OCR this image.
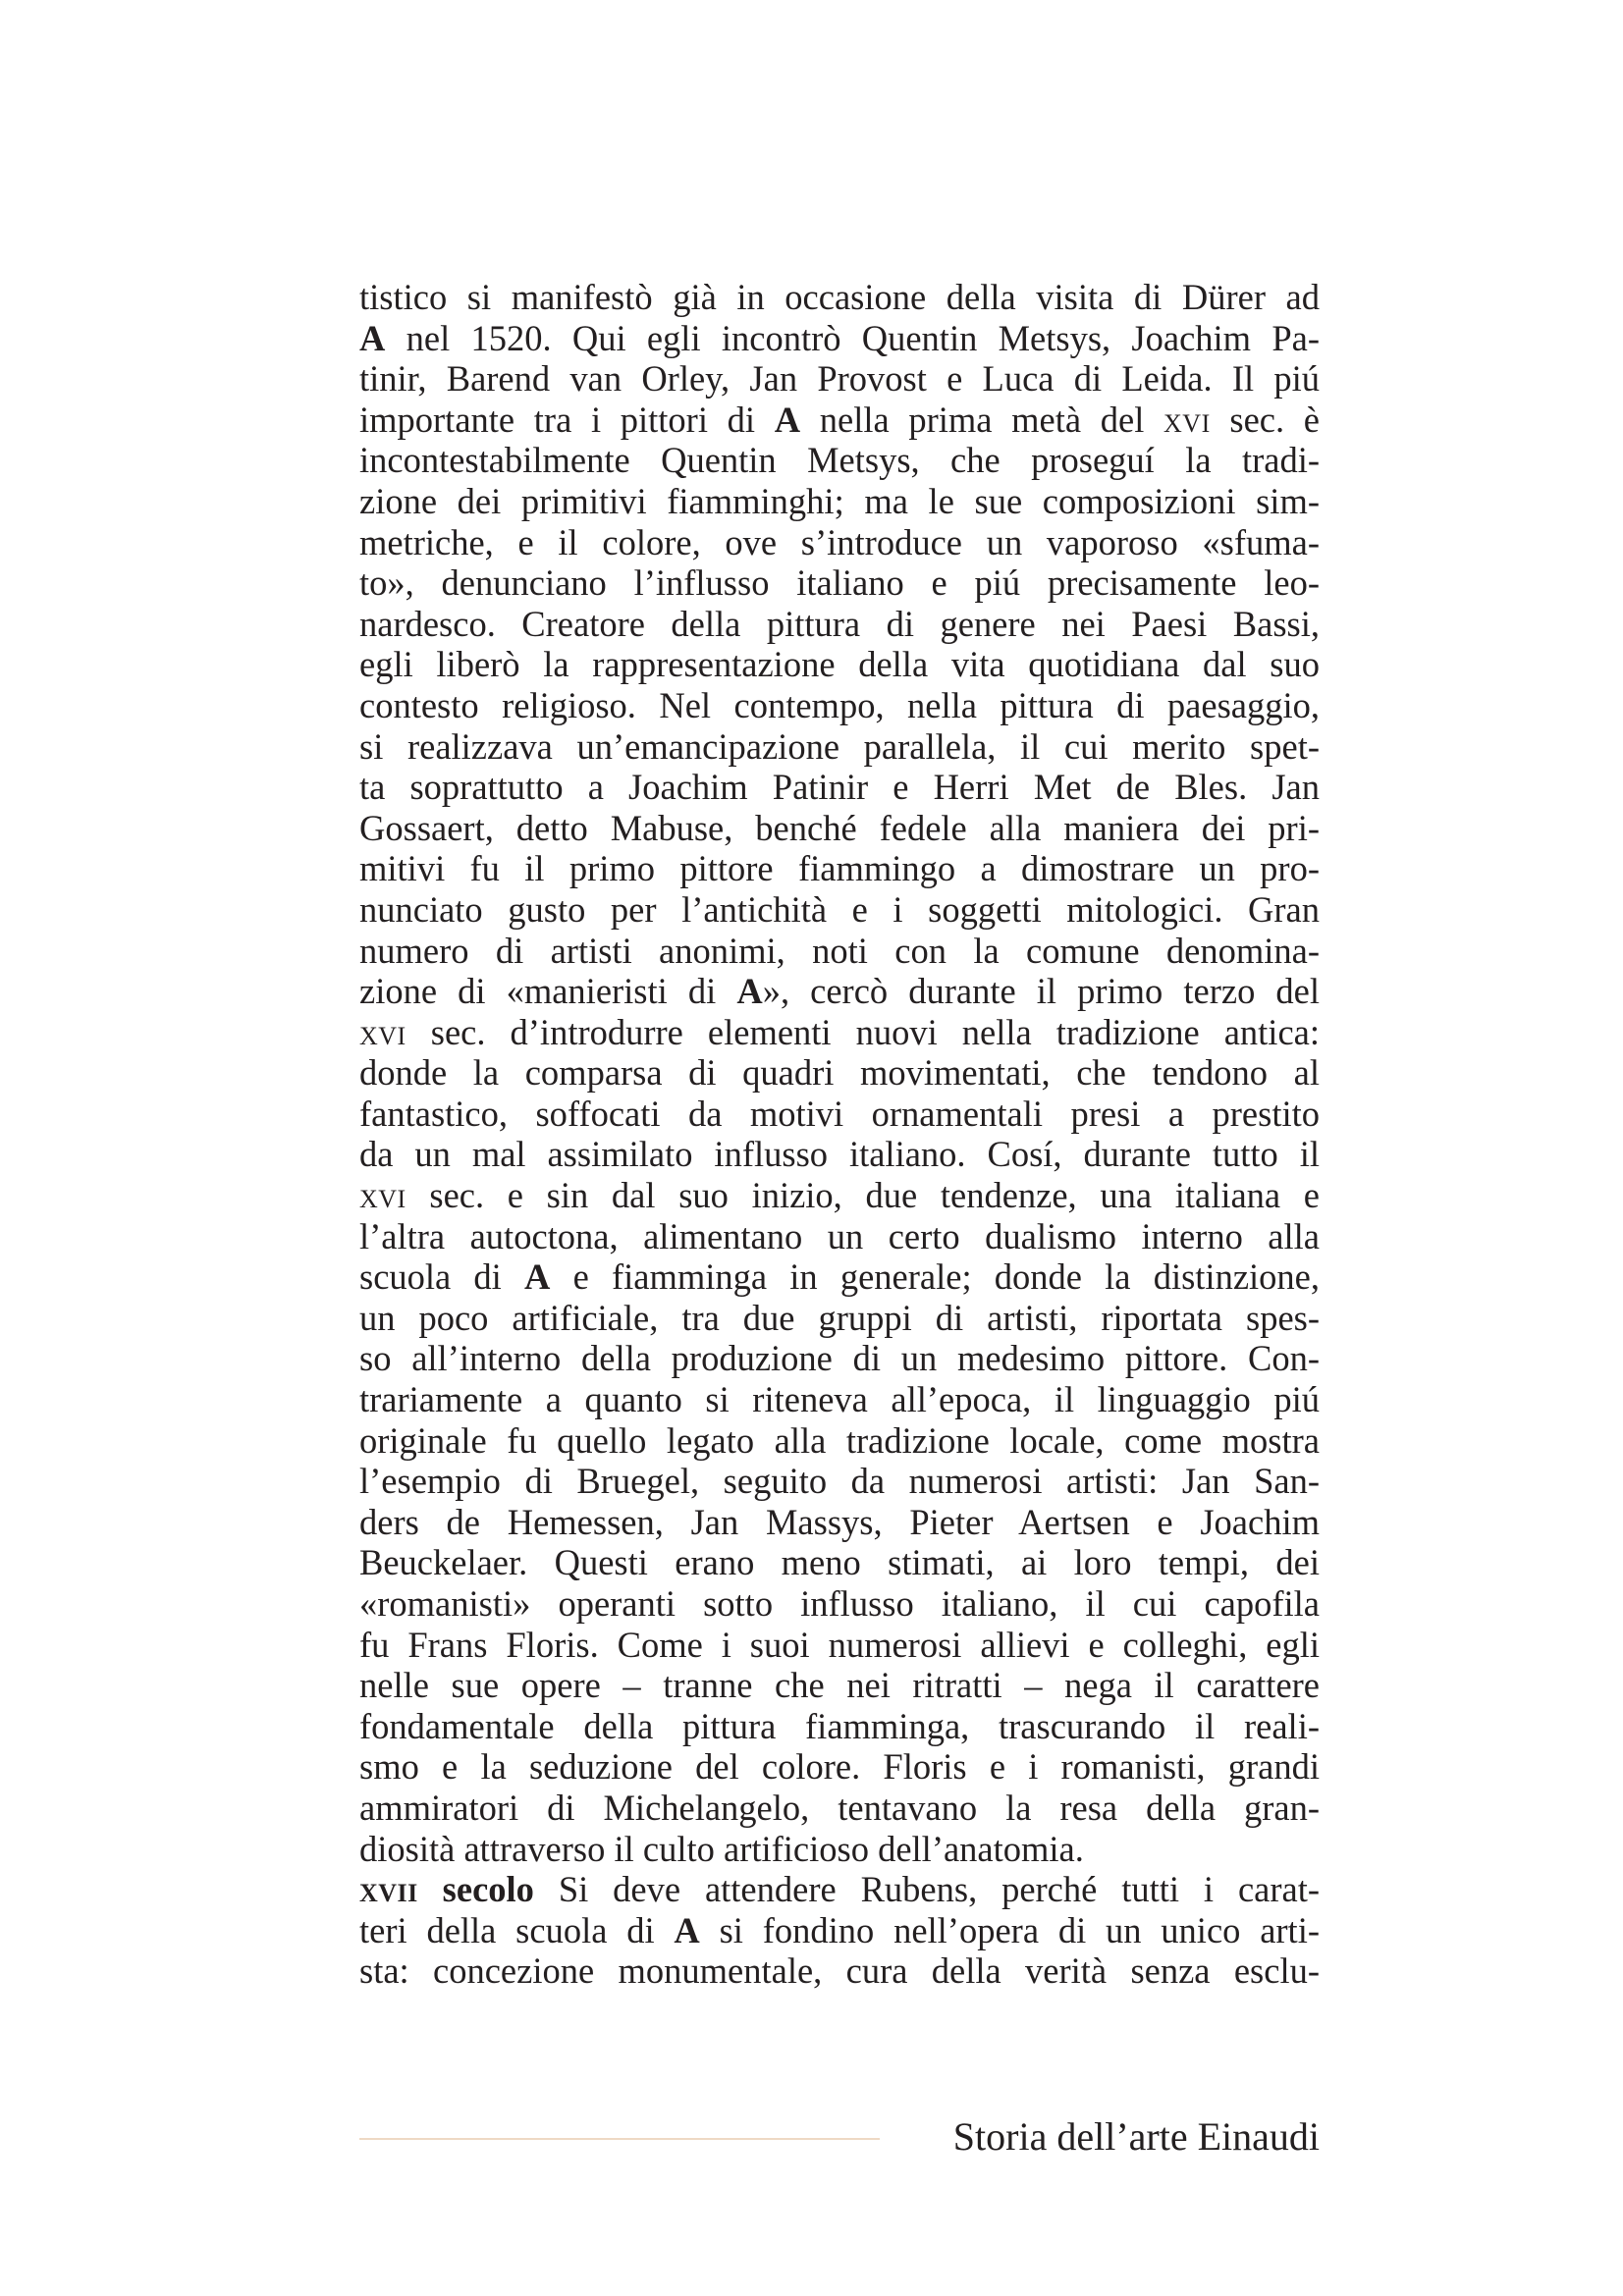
tistico si manifestò già in occasione della visita di Dürer ad
A nel 1520. Qui egli incontrò Quentin Metsys, Joachim Pa-
tinir, Barend van Orley, Jan Provost e Luca di Leida. Il piú
importante tra i pittori di A nella prima metà del xvi sec. è
incontestabilmente Quentin Metsys, che proseguí la tradi-
zione dei primitivi fiamminghi; ma le sue composizioni sim-
metriche, e il colore, ove s’introduce un vaporoso «sfuma-
to», denunciano l’influsso italiano e piú precisamente leo-
nardesco. Creatore della pittura di genere nei Paesi Bassi,
egli liberò la rappresentazione della vita quotidiana dal suo
contesto religioso. Nel contempo, nella pittura di paesaggio,
si realizzava un’emancipazione parallela, il cui merito spet-
ta soprattutto a Joachim Patinir e Herri Met de Bles. Jan
Gossaert, detto Mabuse, benché fedele alla maniera dei pri-
mitivi fu il primo pittore fiammingo a dimostrare un pro-
nunciato gusto per l’antichità e i soggetti mitologici. Gran
numero di artisti anonimi, noti con la comune denomina-
zione di «manieristi di A», cercò durante il primo terzo del
xvi sec. d’introdurre elementi nuovi nella tradizione antica:
donde la comparsa di quadri movimentati, che tendono al
fantastico, soffocati da motivi ornamentali presi a prestito
da un mal assimilato influsso italiano. Cosí, durante tutto il
xvi sec. e sin dal suo inizio, due tendenze, una italiana e
l’altra autoctona, alimentano un certo dualismo interno alla
scuola di A e fiamminga in generale; donde la distinzione,
un poco artificiale, tra due gruppi di artisti, riportata spes-
so all’interno della produzione di un medesimo pittore. Con-
trariamente a quanto si riteneva all’epoca, il linguaggio piú
originale fu quello legato alla tradizione locale, come mostra
l’esempio di Bruegel, seguito da numerosi artisti: Jan San-
ders de Hemessen, Jan Massys, Pieter Aertsen e Joachim
Beuckelaer. Questi erano meno stimati, ai loro tempi, dei
«romanisti» operanti sotto influsso italiano, il cui capofila
fu Frans Floris. Come i suoi numerosi allievi e colleghi, egli
nelle sue opere – tranne che nei ritratti – nega il carattere
fondamentale della pittura fiamminga, trascurando il reali-
smo e la seduzione del colore. Floris e i romanisti, grandi
ammiratori di Michelangelo, tentavano la resa della gran-
diosità attraverso il culto artificioso dell’anatomia.
xvii secolo Si deve attendere Rubens, perché tutti i carat-
teri della scuola di A si fondino nell’opera di un unico arti-
sta: concezione monumentale, cura della verità senza esclu-
Storia dell’arte Einaudi
